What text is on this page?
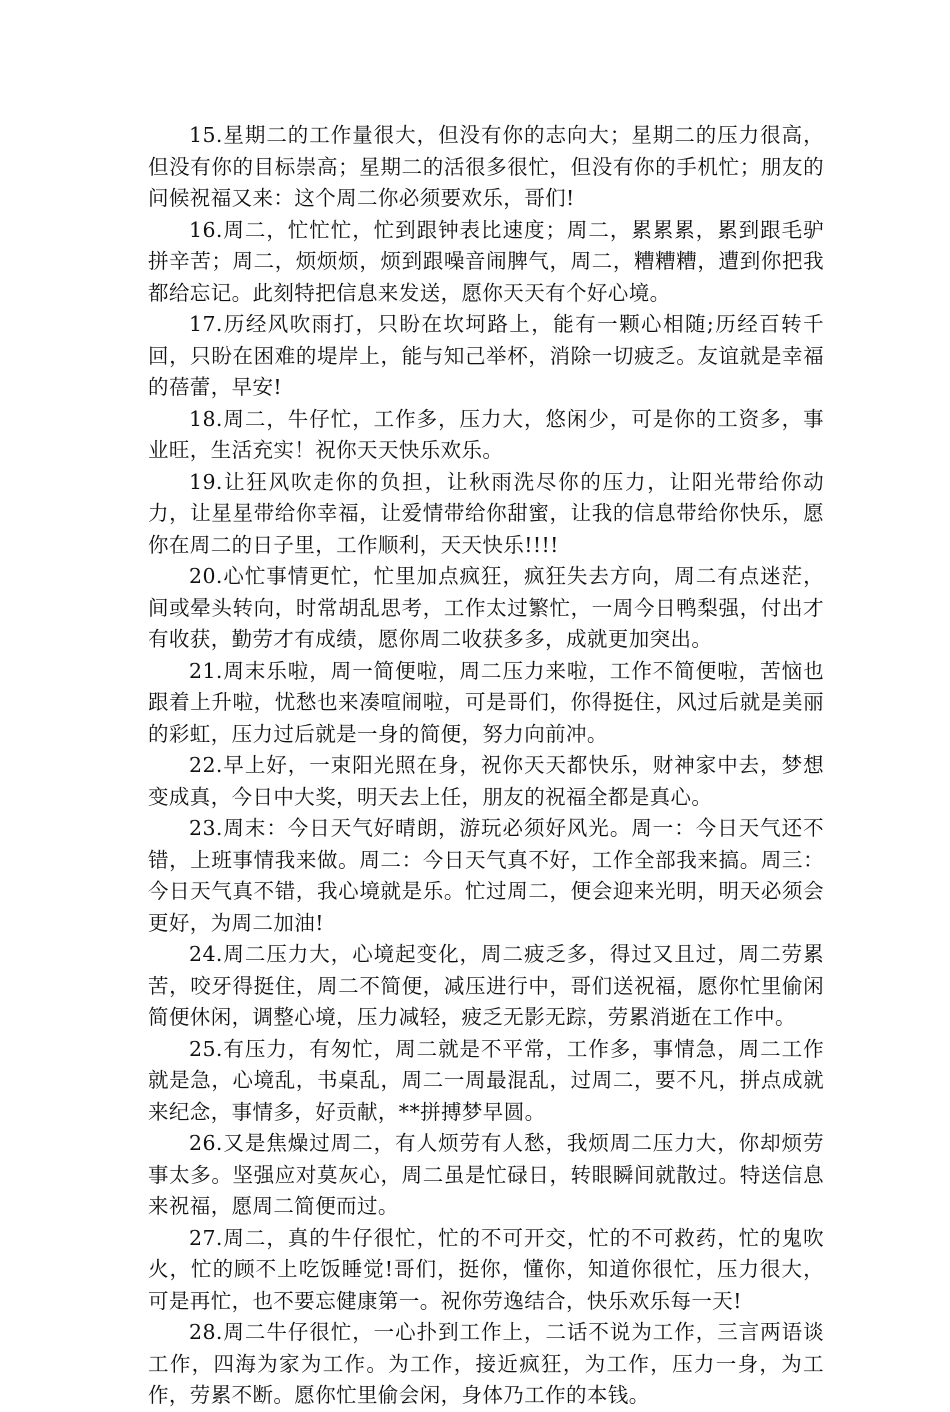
15.星期二的工作量很大，但没有你的志向大；星期二的压力很高，但没有你的目标崇高；星期二的活很多很忙，但没有你的手机忙；朋友的问候祝福又来：这个周二你必须要欢乐，哥们!

16.周二，忙忙忙，忙到跟钟表比速度；周二，累累累，累到跟毛驴拼辛苦；周二，烦烦烦，烦到跟噪音闹脾气，周二，糟糟糟，遭到你把我都给忘记。此刻特把信息来发送，愿你天天有个好心境。

17.历经风吹雨打，只盼在坎坷路上，能有一颗心相随;历经百转千回，只盼在困难的堤岸上，能与知己举杯，消除一切疲乏。友谊就是幸福的蓓蕾，早安!

18.周二，牛仔忙，工作多，压力大，悠闲少，可是你的工资多，事业旺，生活充实！祝你天天快乐欢乐。

19.让狂风吹走你的负担，让秋雨洗尽你的压力，让阳光带给你动力，让星星带给你幸福，让爱情带给你甜蜜，让我的信息带给你快乐，愿你在周二的日子里，工作顺利，天天快乐!!!!

20.心忙事情更忙，忙里加点疯狂，疯狂失去方向，周二有点迷茫，间或晕头转向，时常胡乱思考，工作太过繁忙，一周今日鸭梨强，付出才有收获，勤劳才有成绩，愿你周二收获多多，成就更加突出。

21.周末乐啦，周一简便啦，周二压力来啦，工作不简便啦，苦恼也跟着上升啦，忧愁也来凑喧闹啦，可是哥们，你得挺住，风过后就是美丽的彩虹，压力过后就是一身的简便，努力向前冲。

22.早上好，一束阳光照在身，祝你天天都快乐，财神家中去，梦想变成真，今日中大奖，明天去上任，朋友的祝福全都是真心。

23.周末：今日天气好晴朗，游玩必须好风光。周一：今日天气还不错，上班事情我来做。周二：今日天气真不好，工作全部我来搞。周三：今日天气真不错，我心境就是乐。忙过周二，便会迎来光明，明天必须会更好，为周二加油!

24.周二压力大，心境起变化，周二疲乏多，得过又且过，周二劳累苦，咬牙得挺住，周二不简便，减压进行中，哥们送祝福，愿你忙里偷闲简便休闲，调整心境，压力减轻，疲乏无影无踪，劳累消逝在工作中。

25.有压力，有匆忙，周二就是不平常，工作多，事情急，周二工作就是急，心境乱，书桌乱，周二一周最混乱，过周二，要不凡，拼点成就来纪念，事情多，好贡献，**拼搏梦早圆。

26.又是焦燥过周二，有人烦劳有人愁，我烦周二压力大，你却烦劳事太多。坚强应对莫灰心，周二虽是忙碌日，转眼瞬间就散过。特送信息来祝福，愿周二简便而过。

27.周二，真的牛仔很忙，忙的不可开交，忙的不可救药，忙的鬼吹火，忙的顾不上吃饭睡觉!哥们，挺你，懂你，知道你很忙，压力很大，可是再忙，也不要忘健康第一。祝你劳逸结合，快乐欢乐每一天!

28.周二牛仔很忙，一心扑到工作上，二话不说为工作，三言两语谈工作，四海为家为工作。为工作，接近疯狂，为工作，压力一身，为工作，劳累不断。愿你忙里偷会闲，身体乃工作的本钱。
